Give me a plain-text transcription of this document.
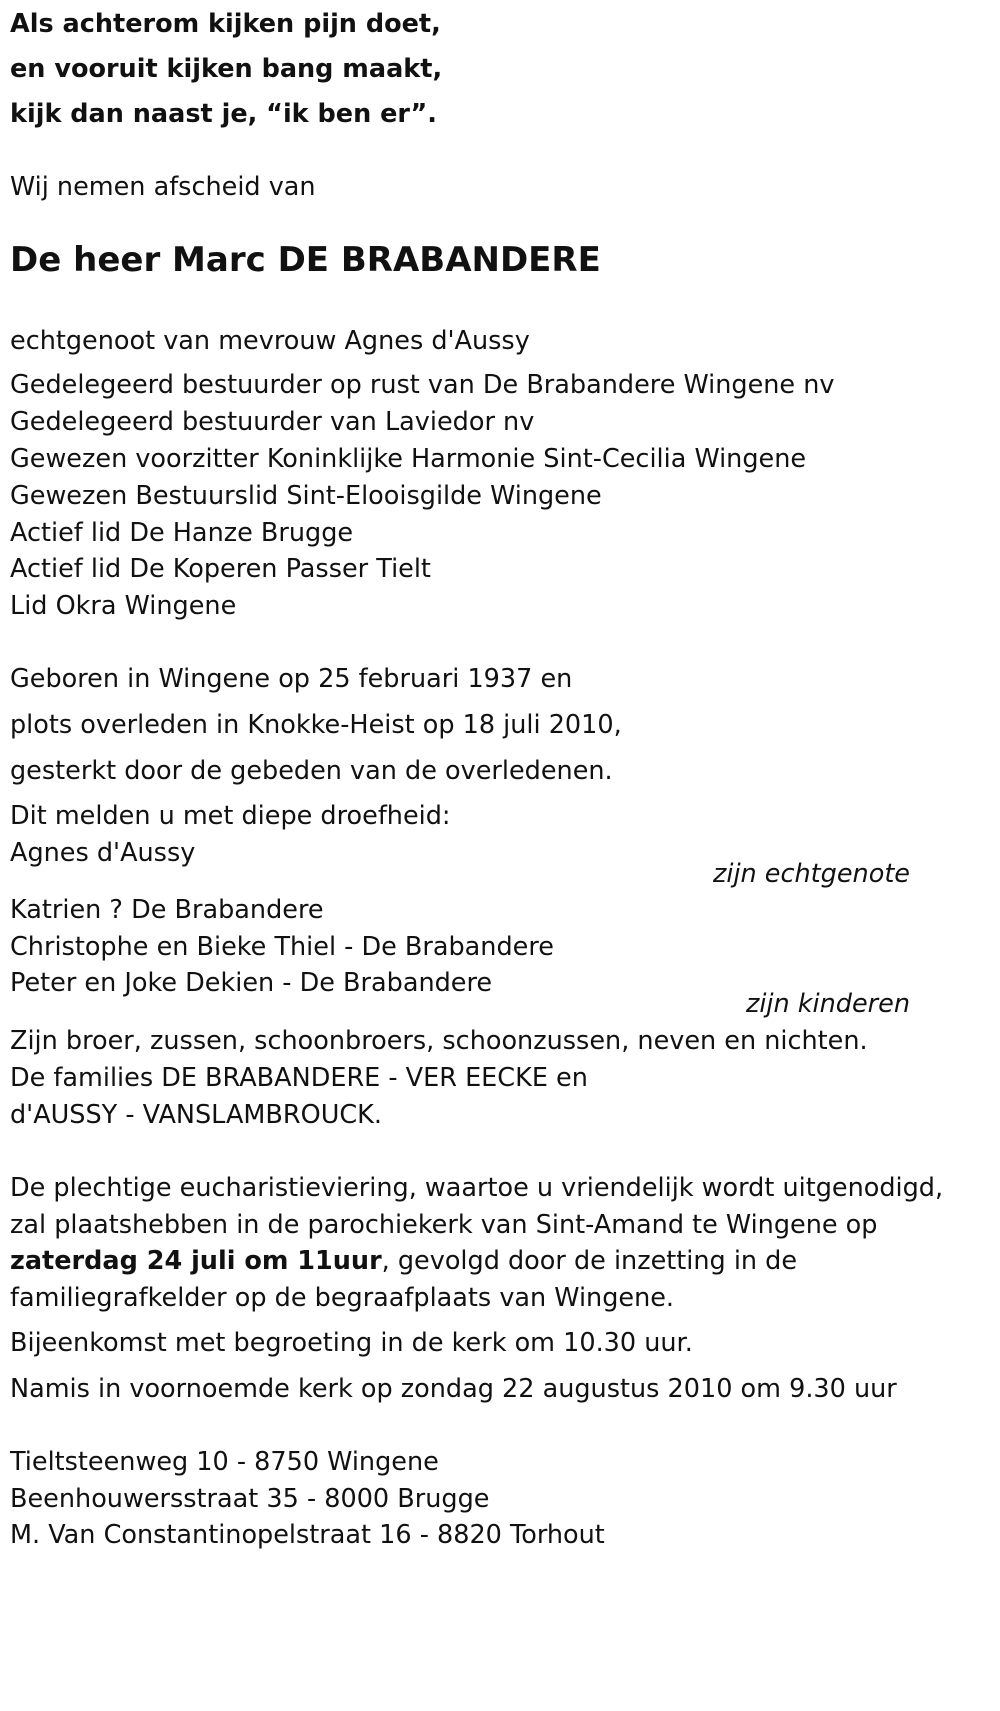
Als achterom kijken pijn doet,
en vooruit kijken bang maakt,
kijk dan naast je, “ik ben er”.
Wij nemen afscheid van
De heer Marc DE BRABANDERE
echtgenoot van mevrouw Agnes d'Aussy
Gedelegeerd bestuurder op rust van De Brabandere Wingene nv
Gedelegeerd bestuurder van Laviedor nv
Gewezen voorzitter Koninklijke Harmonie Sint-Cecilia Wingene
Gewezen Bestuurslid Sint-Elooisgilde Wingene
Actief lid De Hanze Brugge
Actief lid De Koperen Passer Tielt
Lid Okra Wingene
Geboren in Wingene op 25 februari 1937 en
plots overleden in Knokke-Heist op 18 juli 2010,
gesterkt door de gebeden van de overledenen.
Dit melden u met diepe droefheid:
Agnes d'Aussy
zijn echtgenote
Katrien ? De Brabandere
Christophe en Bieke Thiel - De Brabandere
Peter en Joke Dekien - De Brabandere
zijn kinderen
Zijn broer, zussen, schoonbroers, schoonzussen, neven en nichten.
De families DE BRABANDERE - VER EECKE en
d'AUSSY - VANSLAMBROUCK.
De plechtige eucharistieviering, waartoe u vriendelijk wordt uitgenodigd,
zal plaatshebben in de parochiekerk van Sint-Amand te Wingene op
zaterdag 24 juli om 11uur, gevolgd door de inzetting in de
familiegrafkelder op de begraafplaats van Wingene.
Bijeenkomst met begroeting in de kerk om 10.30 uur.
Namis in voornoemde kerk op zondag 22 augustus 2010 om 9.30 uur
Tieltsteenweg 10 - 8750 Wingene
Beenhouwersstraat 35 - 8000 Brugge
M. Van Constantinopelstraat 16 - 8820 Torhout
